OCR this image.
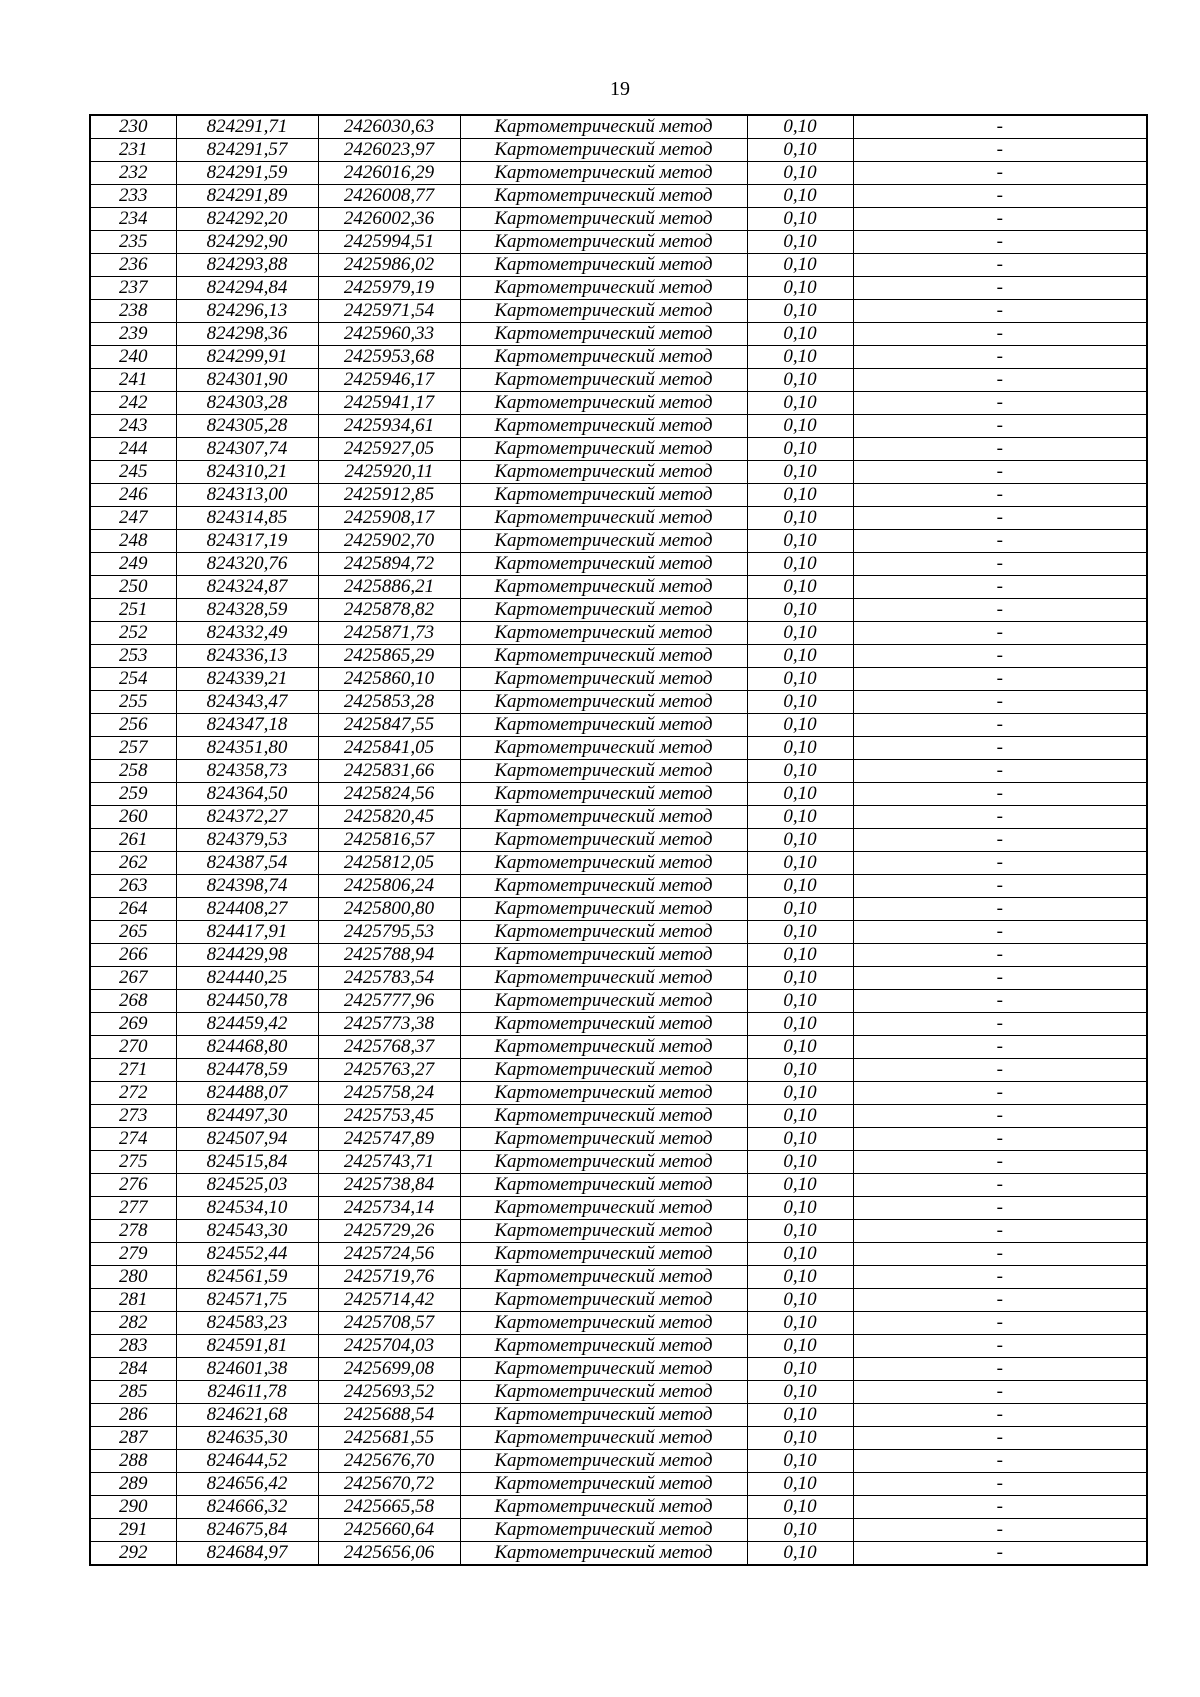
19
230	824291,71	2426030,63	Картометрический метод	0,10	-
231	824291,57	2426023,97	Картометрический метод	0,10	-
232	824291,59	2426016,29	Картометрический метод	0,10	-
233	824291,89	2426008,77	Картометрический метод	0,10	-
234	824292,20	2426002,36	Картометрический метод	0,10	-
235	824292,90	2425994,51	Картометрический метод	0,10	-
236	824293,88	2425986,02	Картометрический метод	0,10	-
237	824294,84	2425979,19	Картометрический метод	0,10	-
238	824296,13	2425971,54	Картометрический метод	0,10	-
239	824298,36	2425960,33	Картометрический метод	0,10	-
240	824299,91	2425953,68	Картометрический метод	0,10	-
241	824301,90	2425946,17	Картометрический метод	0,10	-
242	824303,28	2425941,17	Картометрический метод	0,10	-
243	824305,28	2425934,61	Картометрический метод	0,10	-
244	824307,74	2425927,05	Картометрический метод	0,10	-
245	824310,21	2425920,11	Картометрический метод	0,10	-
246	824313,00	2425912,85	Картометрический метод	0,10	-
247	824314,85	2425908,17	Картометрический метод	0,10	-
248	824317,19	2425902,70	Картометрический метод	0,10	-
249	824320,76	2425894,72	Картометрический метод	0,10	-
250	824324,87	2425886,21	Картометрический метод	0,10	-
251	824328,59	2425878,82	Картометрический метод	0,10	-
252	824332,49	2425871,73	Картометрический метод	0,10	-
253	824336,13	2425865,29	Картометрический метод	0,10	-
254	824339,21	2425860,10	Картометрический метод	0,10	-
255	824343,47	2425853,28	Картометрический метод	0,10	-
256	824347,18	2425847,55	Картометрический метод	0,10	-
257	824351,80	2425841,05	Картометрический метод	0,10	-
258	824358,73	2425831,66	Картометрический метод	0,10	-
259	824364,50	2425824,56	Картометрический метод	0,10	-
260	824372,27	2425820,45	Картометрический метод	0,10	-
261	824379,53	2425816,57	Картометрический метод	0,10	-
262	824387,54	2425812,05	Картометрический метод	0,10	-
263	824398,74	2425806,24	Картометрический метод	0,10	-
264	824408,27	2425800,80	Картометрический метод	0,10	-
265	824417,91	2425795,53	Картометрический метод	0,10	-
266	824429,98	2425788,94	Картометрический метод	0,10	-
267	824440,25	2425783,54	Картометрический метод	0,10	-
268	824450,78	2425777,96	Картометрический метод	0,10	-
269	824459,42	2425773,38	Картометрический метод	0,10	-
270	824468,80	2425768,37	Картометрический метод	0,10	-
271	824478,59	2425763,27	Картометрический метод	0,10	-
272	824488,07	2425758,24	Картометрический метод	0,10	-
273	824497,30	2425753,45	Картометрический метод	0,10	-
274	824507,94	2425747,89	Картометрический метод	0,10	-
275	824515,84	2425743,71	Картометрический метод	0,10	-
276	824525,03	2425738,84	Картометрический метод	0,10	-
277	824534,10	2425734,14	Картометрический метод	0,10	-
278	824543,30	2425729,26	Картометрический метод	0,10	-
279	824552,44	2425724,56	Картометрический метод	0,10	-
280	824561,59	2425719,76	Картометрический метод	0,10	-
281	824571,75	2425714,42	Картометрический метод	0,10	-
282	824583,23	2425708,57	Картометрический метод	0,10	-
283	824591,81	2425704,03	Картометрический метод	0,10	-
284	824601,38	2425699,08	Картометрический метод	0,10	-
285	824611,78	2425693,52	Картометрический метод	0,10	-
286	824621,68	2425688,54	Картометрический метод	0,10	-
287	824635,30	2425681,55	Картометрический метод	0,10	-
288	824644,52	2425676,70	Картометрический метод	0,10	-
289	824656,42	2425670,72	Картометрический метод	0,10	-
290	824666,32	2425665,58	Картометрический метод	0,10	-
291	824675,84	2425660,64	Картометрический метод	0,10	-
292	824684,97	2425656,06	Картометрический метод	0,10	-
